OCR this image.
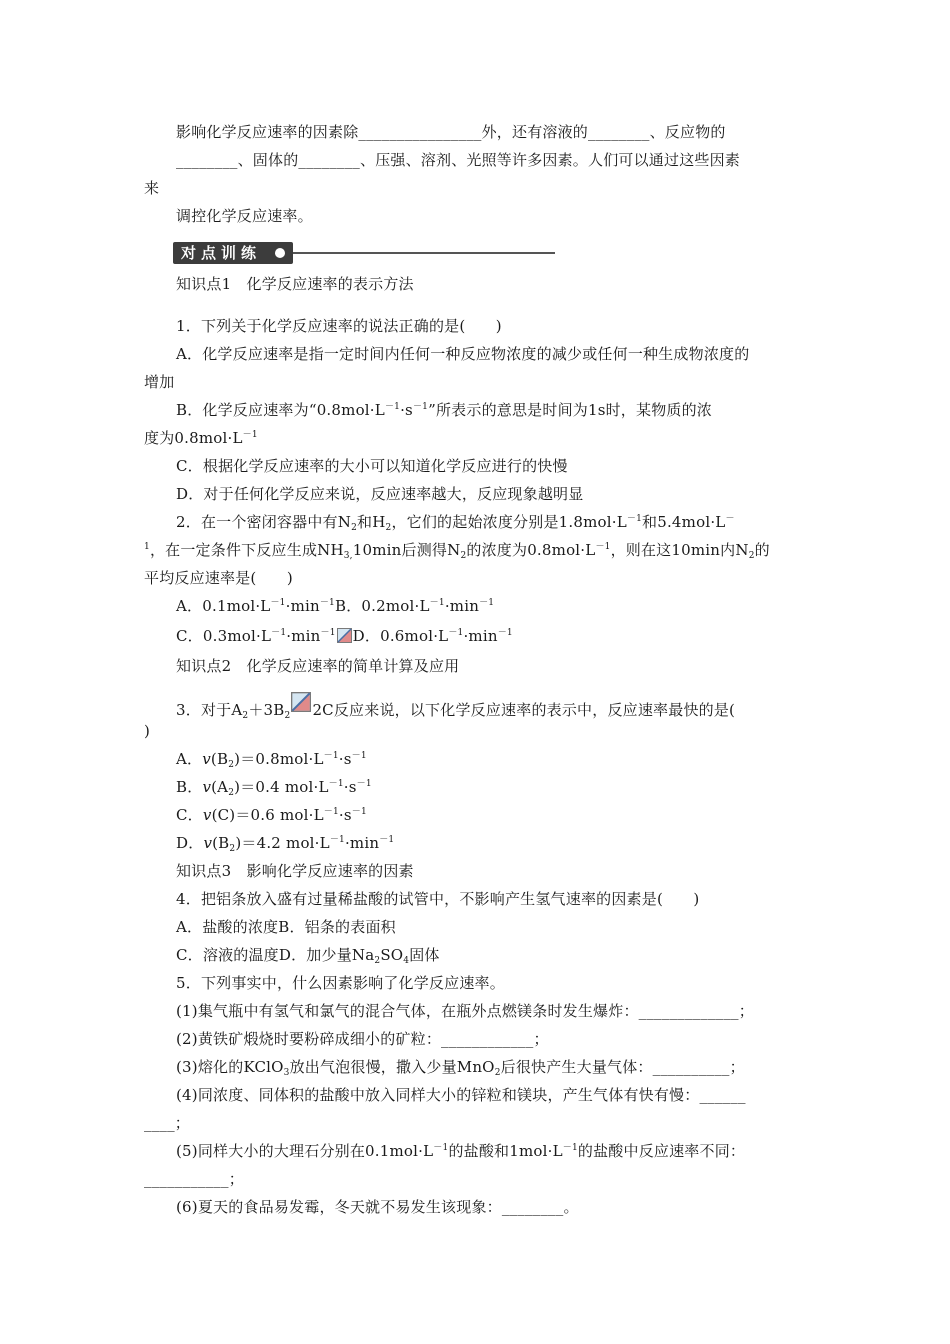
影响化学反应速率的因素除________________外，还有溶液的________、反应物的
________、固体的________、压强、溶剂、光照等许多因素。人们可以通过这些因素
来
调控化学反应速率。
对点训练
知识点1　化学反应速率的表示方法
1．下列关于化学反应速率的说法正确的是(　　)
A．化学反应速率是指一定时间内任何一种反应物浓度的减少或任何一种生成物浓度的
增加
B．化学反应速率为“$0.8mol\cdot L^{-1}\cdot s^{-1}$”所表示的意思是时间为1s时，某物质的浓
度为$0.8mol\cdot L^{-1}$
C．根据化学反应速率的大小可以知道化学反应进行的快慢
D．对于任何化学反应来说，反应速率越大，反应现象越明显
2．在一个密闭容器中有$N_2$和$H_2$，它们的起始浓度分别是$1.8mol\cdot L^{-1}$和5.4mol·L－
$^1$，在一定条件下反应生成$NH_{3,}10\min$后测得$N_2$的浓度为$0.8mol\cdot L^{-1}$，则在这10min内$N_2$的
平均反应速率是(　　)
A．$0.1mol\cdot L^{-1}\cdot\min^{-1}B$．$0.2mol\cdot L^{-1}\cdot\min^{-1}$
C．$0.3mol\cdot L^{-1}\cdot\min^{-1}$ D．$0.6mol\cdot L^{-1}\cdot\min^{-1}$
知识点2　化学反应速率的简单计算及应用
3．对于$A_2+3B_2$ 2C反应来说，以下化学反应速率的表示中，反应速率最快的是(
)
A．$v(B_2)=0.8mol\cdot L^{-1}\cdot s^{-1}$
B．$v(A_2)=0.4$ $mol\cdot L^{-1}\cdot s^{-1}$
C．v(C)＝0.6 $mol\cdot L^{-1}\cdot s^{-1}$
D．$v(B_2)=4.2$ $mol\cdot L^{-1}\cdot\min^{-1}$
知识点3　影响化学反应速率的因素
4．把铝条放入盛有过量稀盐酸的试管中，不影响产生氢气速率的因素是(　　)
A．盐酸的浓度B．铝条的表面积
C．溶液的温度D．加少量$Na_2SO_4$固体
5．下列事实中，什么因素影响了化学反应速率。
(1)集气瓶中有氢气和氯气的混合气体，在瓶外点燃镁条时发生爆炸：_____________；
(2)黄铁矿煅烧时要粉碎成细小的矿粒：____________；
(3)熔化的KClO$_3$放出气泡很慢，撒入少量MnO$_2$后很快产生大量气体：__________；
(4)同浓度、同体积的盐酸中放入同样大小的锌粒和镁块，产生气体有快有慢：______
____；
(5)同样大小的大理石分别在$0.1mol\cdot L^{-1}$的盐酸和$1mol\cdot L^{-1}$的盐酸中反应速率不同：
___________；
(6)夏天的食品易发霉，冬天就不易发生该现象：________。
